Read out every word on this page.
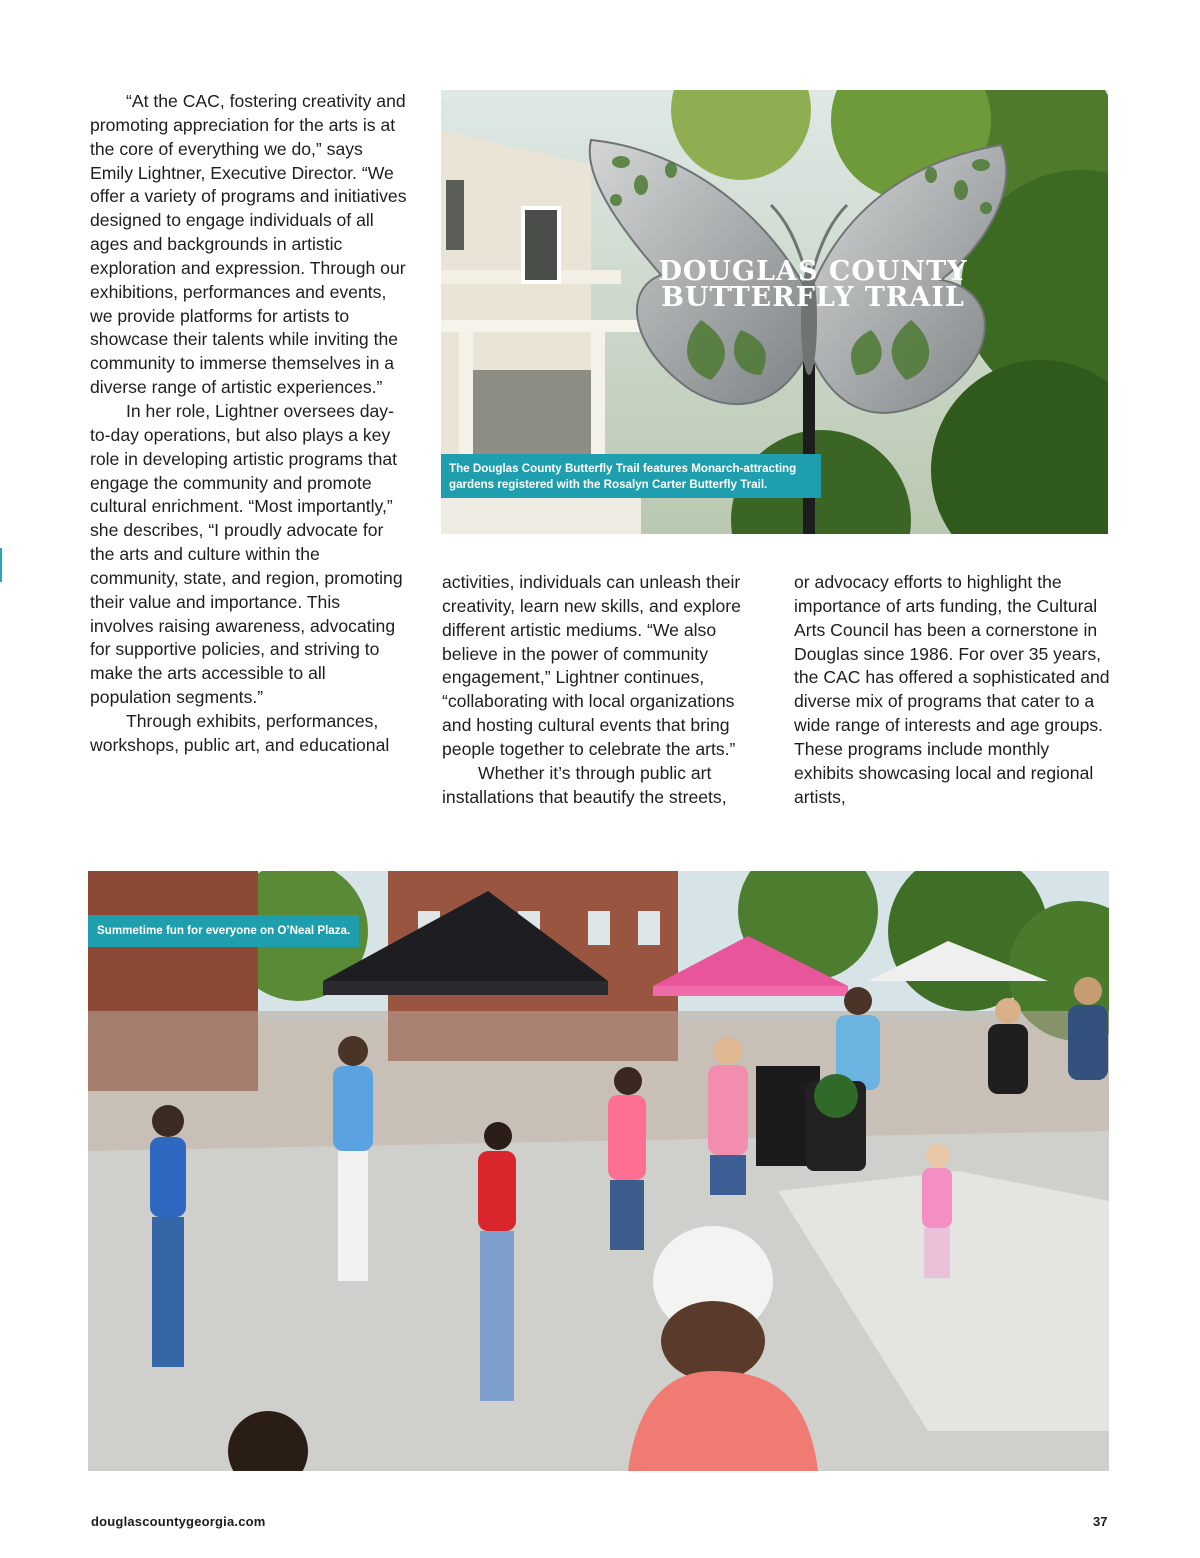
“At the CAC, fostering creativity and promoting appreciation for the arts is at the core of everything we do,” says Emily Lightner, Executive Director. “We offer a variety of programs and initiatives designed to engage individuals of all ages and backgrounds in artistic exploration and expression. Through our exhibitions, performances and events, we provide platforms for artists to showcase their talents while inviting the community to immerse themselves in a diverse range of artistic experiences.”

In her role, Lightner oversees day-to-day operations, but also plays a key role in developing artistic programs that engage the community and promote cultural enrichment. “Most importantly,” she describes, “I proudly advocate for the arts and culture within the community, state, and region, promoting their value and importance. This involves raising awareness, advocating for supportive policies, and striving to make the arts accessible to all population segments.”

Through exhibits, performances, workshops, public art, and educational

DOUGLAS COUNTY
BUTTERFLY TRAIL
The Douglas County Butterfly Trail features Monarch-attracting gardens registered with the Rosalyn Carter Butterfly Trail.

activities, individuals can unleash their creativity, learn new skills, and explore different artistic mediums. “We also believe in the power of community engagement,” Lightner continues, “collaborating with local organizations and hosting cultural events that bring people together to celebrate the arts.”

Whether it’s through public art installations that beautify the streets,

or advocacy efforts to highlight the importance of arts funding, the Cultural Arts Council has been a cornerstone in Douglas since 1986. For over 35 years, the CAC has offered a sophisticated and diverse mix of programs that cater to a wide range of interests and age groups. These programs include monthly exhibits showcasing local and regional artists,

Summetime fun for everyone on O’Neal Plaza.
douglascountygeorgia.com	37
